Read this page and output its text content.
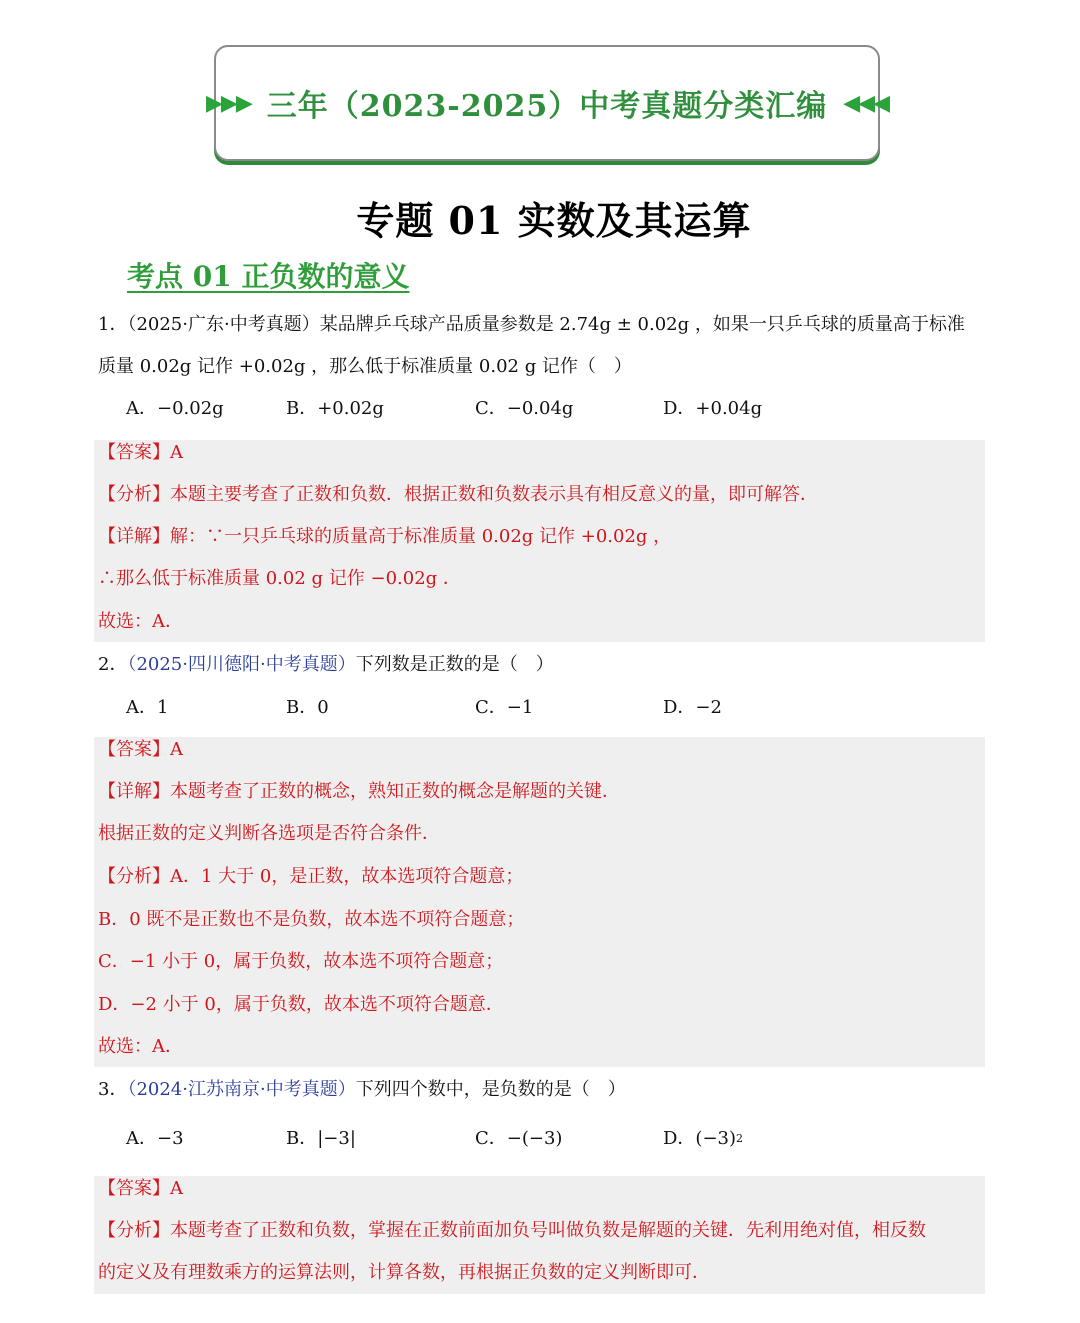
▶▶▶ 三年（2023-2025）中考真题分类汇编 ◀◀◀
专题 01 实数及其运算
考点 01 正负数的意义
1．（2025·广东·中考真题）某品牌乒乓球产品质量参数是 2.74g ± 0.02g ，如果一只乒乓球的质量高于标准
质量 0.02g 记作 +0.02g ，那么低于标准质量 0.02 g 记作（　）
A．−0.02g	B．+0.02g	C．−0.04g	D．+0.04g
【答案】A
【分析】本题主要考查了正数和负数．根据正数和负数表示具有相反意义的量，即可解答．
【详解】解：∵一只乒乓球的质量高于标准质量 0.02g 记作 +0.02g ，
∴那么低于标准质量 0.02 g 记作 −0.02g ．
故选：A．
2．（2025·四川德阳·中考真题）下列数是正数的是（　）
A．1	B．0	C．−1	D．−2
【答案】A
【详解】本题考查了正数的概念，熟知正数的概念是解题的关键．
根据正数的定义判断各选项是否符合条件．
【分析】A．1 大于 0，是正数，故本选项符合题意；
B．0 既不是正数也不是负数，故本选不项符合题意；
C．−1 小于 0，属于负数，故本选不项符合题意；
D．−2 小于 0，属于负数，故本选不项符合题意．
故选：A．
3．（2024·江苏南京·中考真题）下列四个数中，是负数的是（　）
A．−3	B．|−3|	C．−(−3)	D．$(-3)^2$
【答案】A
【分析】本题考查了正数和负数，掌握在正数前面加负号叫做负数是解题的关键．先利用绝对值，相反数
的定义及有理数乘方的运算法则，计算各数，再根据正负数的定义判断即可．
